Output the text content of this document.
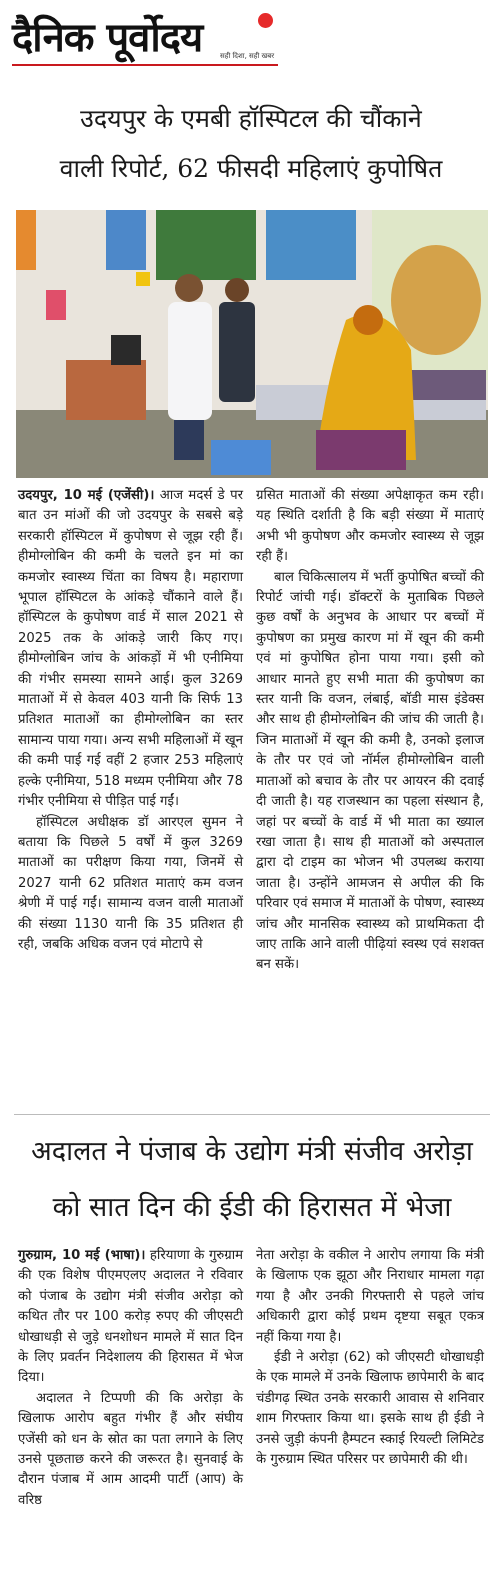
दैनिक पूर्वोदय	सही दिशा, सही खबर
उदयपुर के एमबी हॉस्पिटल की चौंकाने
वाली रिपोर्ट, 62 फीसदी महिलाएं कुपोषित

उदयपुर, 10 मई (एजेंसी)। आज मदर्स डे पर बात उन मांओं की जो उदयपुर के सबसे बड़े सरकारी हॉस्पिटल में कुपोषण से जूझ रही हैं। हीमोग्लोबिन की कमी के चलते इन मां का कमजोर स्वास्थ्य चिंता का विषय है। महाराणा भूपाल हॉस्पिटल के आंकड़े चौंकाने वाले हैं। हॉस्पिटल के कुपोषण वार्ड में साल 2021 से 2025 तक के आंकड़े जारी किए गए। हीमोग्लोबिन जांच के आंकड़ों में भी एनीमिया की गंभीर समस्या सामने आई। कुल 3269 माताओं में से केवल 403 यानी कि सिर्फ 13 प्रतिशत माताओं का हीमोग्लोबिन का स्तर सामान्य पाया गया। अन्य सभी महिलाओं में खून की कमी पाई गई वहीं 2 हजार 253 महिलाएं हल्के एनीमिया, 518 मध्यम एनीमिया और 78 गंभीर एनीमिया से पीड़ित पाई गईं।

हॉस्पिटल अधीक्षक डॉ आरएल सुमन ने बताया कि पिछले 5 वर्षों में कुल 3269 माताओं का परीक्षण किया गया, जिनमें से 2027 यानी 62 प्रतिशत माताएं कम वजन श्रेणी में पाई गईं। सामान्य वजन वाली माताओं की संख्या 1130 यानी कि 35 प्रतिशत ही रही, जबकि अधिक वजन एवं मोटापे से

ग्रसित माताओं की संख्या अपेक्षाकृत कम रही। यह स्थिति दर्शाती है कि बड़ी संख्या में माताएं अभी भी कुपोषण और कमजोर स्वास्थ्य से जूझ रही हैं।

बाल चिकित्सालय में भर्ती कुपोषित बच्चों की रिपोर्ट जांची गई। डॉक्टरों के मुताबिक पिछले कुछ वर्षों के अनुभव के आधार पर बच्चों में कुपोषण का प्रमुख कारण मां में खून की कमी एवं मां कुपोषित होना पाया गया। इसी को आधार मानते हुए सभी माता की कुपोषण का स्तर यानी कि वजन, लंबाई, बॉडी मास इंडेक्स और साथ ही हीमोग्लोबिन की जांच की जाती है। जिन माताओं में खून की कमी है, उनको इलाज के तौर पर एवं जो नॉर्मल हीमोग्लोबिन वाली माताओं को बचाव के तौर पर आयरन की दवाई दी जाती है। यह राजस्थान का पहला संस्थान है, जहां पर बच्चों के वार्ड में भी माता का ख्याल रखा जाता है। साथ ही माताओं को अस्पताल द्वारा दो टाइम का भोजन भी उपलब्ध कराया जाता है। उन्होंने आमजन से अपील की कि परिवार एवं समाज में माताओं के पोषण, स्वास्थ्य जांच और मानसिक स्वास्थ्य को प्राथमिकता दी जाए ताकि आने वाली पीढ़ियां स्वस्थ एवं सशक्त बन सकें।

अदालत ने पंजाब के उद्योग मंत्री संजीव अरोड़ा
को सात दिन की ईडी की हिरासत में भेजा

गुरुग्राम, 10 मई (भाषा)। हरियाणा के गुरुग्राम की एक विशेष पीएमएलए अदालत ने रविवार को पंजाब के उद्योग मंत्री संजीव अरोड़ा को कथित तौर पर 100 करोड़ रुपए की जीएसटी धोखाधड़ी से जुड़े धनशोधन मामले में सात दिन के लिए प्रवर्तन निदेशालय की हिरासत में भेज दिया।

अदालत ने टिप्पणी की कि अरोड़ा के खिलाफ आरोप बहुत गंभीर हैं और संघीय एजेंसी को धन के स्रोत का पता लगाने के लिए उनसे पूछताछ करने की जरूरत है। सुनवाई के दौरान पंजाब में आम आदमी पार्टी (आप) के वरिष्ठ

नेता अरोड़ा के वकील ने आरोप लगाया कि मंत्री के खिलाफ एक झूठा और निराधार मामला गढ़ा गया है और उनकी गिरफ्तारी से पहले जांच अधिकारी द्वारा कोई प्रथम दृष्टया सबूत एकत्र नहीं किया गया है।

ईडी ने अरोड़ा (62) को जीएसटी धोखाधड़ी के एक मामले में उनके खिलाफ छापेमारी के बाद चंडीगढ़ स्थित उनके सरकारी आवास से शनिवार शाम गिरफ्तार किया था। इसके साथ ही ईडी ने उनसे जुड़ी कंपनी हैम्पटन स्काई रियल्टी लिमिटेड के गुरुग्राम स्थित परिसर पर छापेमारी की थी।
